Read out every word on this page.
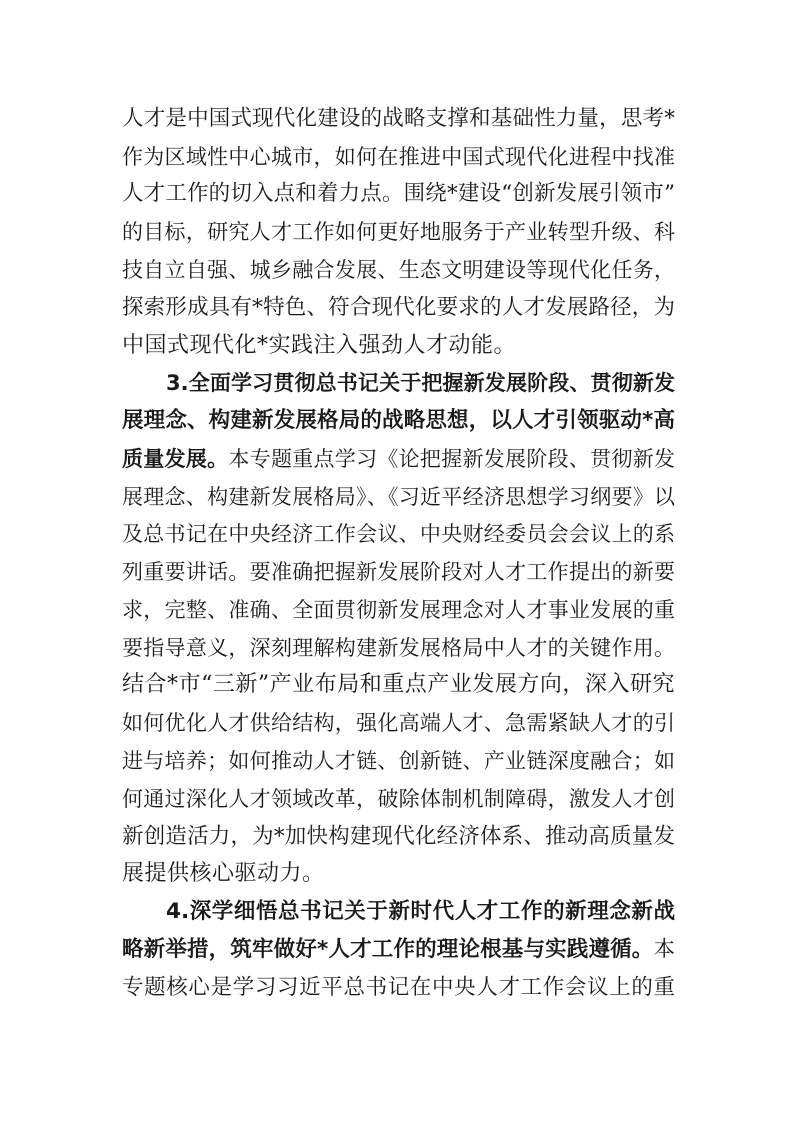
人才是中国式现代化建设的战略支撑和基础性力量，思考*
作为区域性中心城市，如何在推进中国式现代化进程中找准
人才工作的切入点和着力点。围绕*建设“创新发展引领市”
的目标，研究人才工作如何更好地服务于产业转型升级、科
技自立自强、城乡融合发展、生态文明建设等现代化任务，
探索形成具有*特色、符合现代化要求的人才发展路径，为
中国式现代化*实践注入强劲人才动能。
3.全面学习贯彻总书记关于把握新发展阶段、贯彻新发
展理念、构建新发展格局的战略思想，以人才引领驱动*高
质量发展。本专题重点学习《论把握新发展阶段、贯彻新发
展理念、构建新发展格局》、《习近平经济思想学习纲要》以
及总书记在中央经济工作会议、中央财经委员会会议上的系
列重要讲话。要准确把握新发展阶段对人才工作提出的新要
求，完整、准确、全面贯彻新发展理念对人才事业发展的重
要指导意义，深刻理解构建新发展格局中人才的关键作用。
结合*市“三新”产业布局和重点产业发展方向，深入研究
如何优化人才供给结构，强化高端人才、急需紧缺人才的引
进与培养；如何推动人才链、创新链、产业链深度融合；如
何通过深化人才领域改革，破除体制机制障碍，激发人才创
新创造活力，为*加快构建现代化经济体系、推动高质量发
展提供核心驱动力。
4.深学细悟总书记关于新时代人才工作的新理念新战
略新举措，筑牢做好*人才工作的理论根基与实践遵循。本
专题核心是学习习近平总书记在中央人才工作会议上的重
